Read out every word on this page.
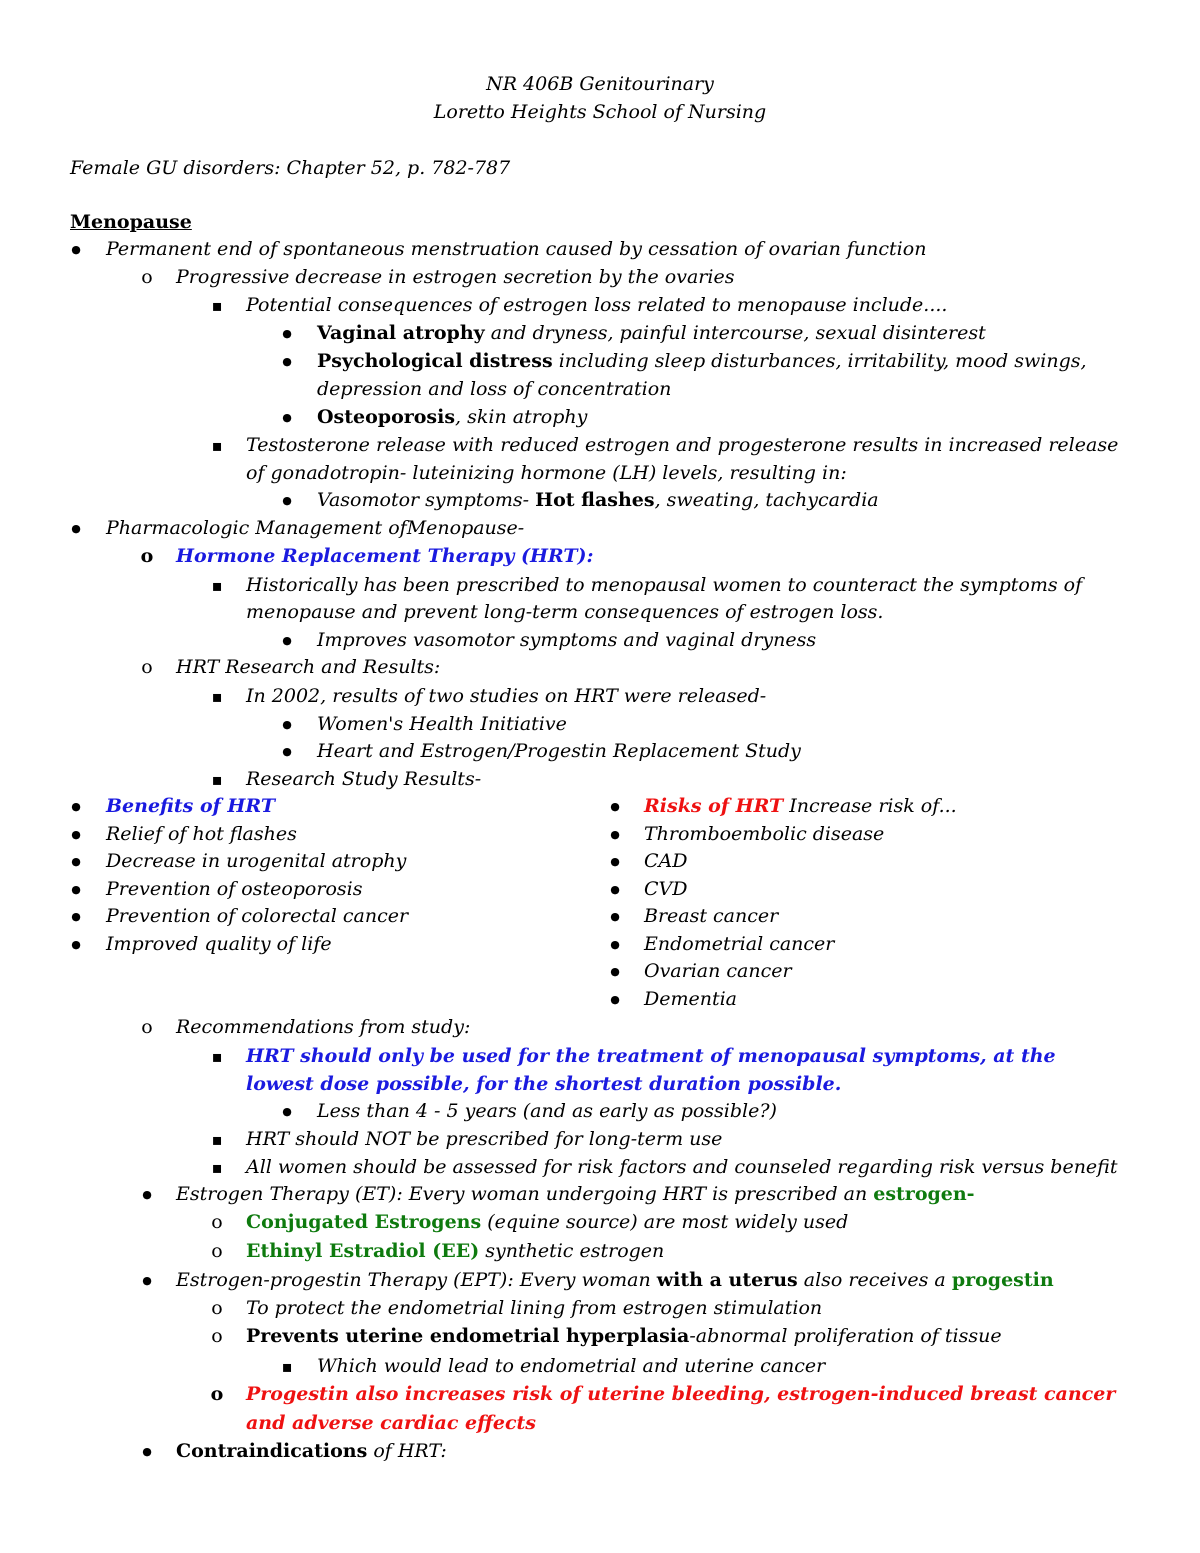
NR 406B Genitourinary
Loretto Heights School of Nursing
Female GU disorders: Chapter 52, p. 782-787
Menopause
●
Permanent end of spontaneous menstruation caused by cessation of ovarian function
o
Progressive decrease in estrogen secretion by the ovaries
▪
Potential consequences of estrogen loss related to menopause include....
●
Vaginal atrophy and dryness, painful intercourse, sexual disinterest
●
Psychological distress including sleep disturbances, irritability, mood swings,
depression and loss of concentration
●
Osteoporosis, skin atrophy
▪
Testosterone release with reduced estrogen and progesterone results in increased release
of gonadotropin- luteinizing hormone (LH) levels, resulting in:
●
Vasomotor symptoms- Hot flashes, sweating, tachycardia
●
Pharmacologic Management ofMenopause-
o
Hormone Replacement Therapy (HRT):
▪
Historically has been prescribed to menopausal women to counteract the symptoms of
menopause and prevent long-term consequences of estrogen loss.
●
Improves vasomotor symptoms and vaginal dryness
o
HRT Research and Results:
▪
In 2002, results of two studies on HRT were released-
●
Women's Health Initiative
●
Heart and Estrogen/Progestin Replacement Study
▪
Research Study Results-
●
Benefits of HRT
●
Relief of hot flashes
●
Decrease in urogenital atrophy
●
Prevention of osteoporosis
●
Prevention of colorectal cancer
●
Improved quality of life
●
Risks of HRT Increase risk of...
●
Thromboembolic disease
●
CAD
●
CVD
●
Breast cancer
●
Endometrial cancer
●
Ovarian cancer
●
Dementia
o
Recommendations from study:
▪
HRT should only be used for the treatment of menopausal symptoms, at the
lowest dose possible, for the shortest duration possible.
●
Less than 4 - 5 years (and as early as possible?)
▪
HRT should NOT be prescribed for long-term use
▪
All women should be assessed for risk factors and counseled regarding risk versus benefit
●
Estrogen Therapy (ET): Every woman undergoing HRT is prescribed an estrogen-
o
Conjugated Estrogens (equine source) are most widely used
o
Ethinyl Estradiol (EE) synthetic estrogen
●
Estrogen-progestin Therapy (EPT): Every woman with a uterus also receives a progestin
o
To protect the endometrial lining from estrogen stimulation
o
Prevents uterine endometrial hyperplasia-abnormal proliferation of tissue
▪
Which would lead to endometrial and uterine cancer
o
Progestin also increases risk of uterine bleeding, estrogen-induced breast cancer
and adverse cardiac effects
●
Contraindications of HRT:
